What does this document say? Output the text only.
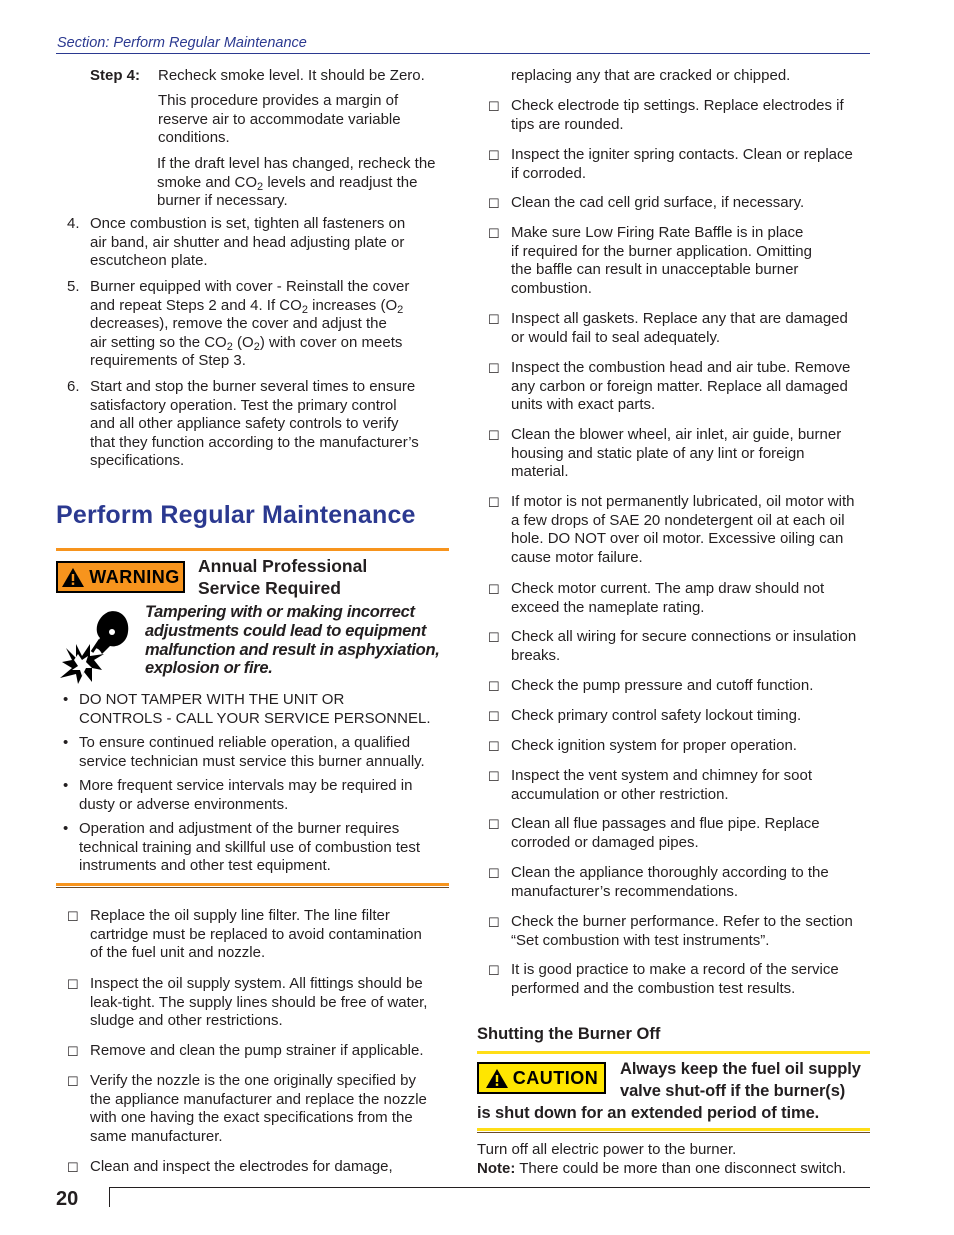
Section: Perform Regular Maintenance
Step 4: Recheck smoke level. It should be Zero.
This procedure provides a margin of
reserve air to accommodate variable
conditions.
If the draft level has changed, recheck the
smoke and $CO_2$ levels and readjust the
burner if necessary.
4. Once combustion is set, tighten all fasteners on
air band, air shutter and head adjusting plate or
escutcheon plate.
5. Burner equipped with cover - Reinstall the cover
and repeat Steps 2 and 4. If $CO_2$ increases ($O_2$
decreases), remove the cover and adjust the
air setting so the $CO_2$ $(O_2)$ with cover on meets
requirements of Step 3.
6. Start and stop the burner several times to ensure
satisfactory operation. Test the primary control
and all other appliance safety controls to verify
that they function according to the manufacturer’s
specifications.
Perform Regular Maintenance
WARNING
Annual Professional
Service Required
Tampering with or making incorrect
adjustments could lead to equipment
malfunction and result in asphyxiation,
explosion or fire.
• DO NOT TAMPER WITH THE UNIT OR
CONTROLS - CALL YOUR SERVICE PERSONNEL.
• To ensure continued reliable operation, a qualified
service technician must service this burner annually.
• More frequent service intervals may be required in
dusty or adverse environments.
• Operation and adjustment of the burner requires
technical training and skillful use of combustion test
instruments and other test equipment.
☐ Replace the oil supply line filter. The line filter
cartridge must be replaced to avoid contamination
of the fuel unit and nozzle.
☐ Inspect the oil supply system. All fittings should be
leak-tight. The supply lines should be free of water,
sludge and other restrictions.
☐ Remove and clean the pump strainer if applicable.
☐ Verify the nozzle is the one originally specified by
the appliance manufacturer and replace the nozzle
with one having the exact specifications from the
same manufacturer.
☐ Clean and inspect the electrodes for damage,
replacing any that are cracked or chipped.
☐ Check electrode tip settings. Replace electrodes if
tips are rounded.
☐ Inspect the igniter spring contacts. Clean or replace
if corroded.
☐ Clean the cad cell grid surface, if necessary.
☐ Make sure Low Firing Rate Baffle is in place
if required for the burner application. Omitting
the baffle can result in unacceptable burner
combustion.
☐ Inspect all gaskets. Replace any that are damaged
or would fail to seal adequately.
☐ Inspect the combustion head and air tube. Remove
any carbon or foreign matter. Replace all damaged
units with exact parts.
☐ Clean the blower wheel, air inlet, air guide, burner
housing and static plate of any lint or foreign
material.
☐ If motor is not permanently lubricated, oil motor with
a few drops of SAE 20 nondetergent oil at each oil
hole. DO NOT over oil motor. Excessive oiling can
cause motor failure.
☐ Check motor current. The amp draw should not
exceed the nameplate rating.
☐ Check all wiring for secure connections or insulation
breaks.
☐ Check the pump pressure and cutoff function.
☐ Check primary control safety lockout timing.
☐ Check ignition system for proper operation.
☐ Inspect the vent system and chimney for soot
accumulation or other restriction.
☐ Clean all flue passages and flue pipe. Replace
corroded or damaged pipes.
☐ Clean the appliance thoroughly according to the
manufacturer’s recommendations.
☐ Check the burner performance. Refer to the section
“Set combustion with test instruments”.
☐ It is good practice to make a record of the service
performed and the combustion test results.
Shutting the Burner Off
CAUTION Always keep the fuel oil supply
valve shut-off if the burner(s)
is shut down for an extended period of time.
Turn off all electric power to the burner.
Note: There could be more than one disconnect switch.
20
